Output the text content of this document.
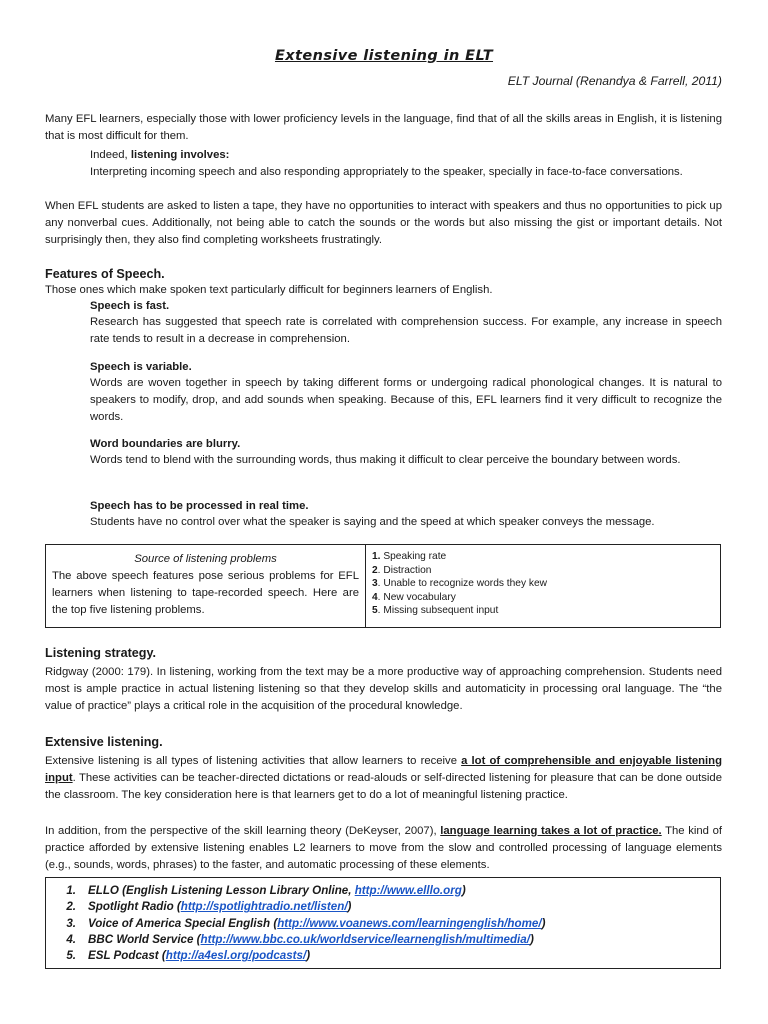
Extensive listening in ELT
ELT Journal (Renandya & Farrell, 2011)
Many EFL learners, especially those with lower proficiency levels in the language, find that of all the skills areas in English, it is listening that is most difficult for them.
Indeed, listening involves:
Interpreting incoming speech and also responding appropriately to the speaker, specially in face-to-face conversations.
When EFL students are asked to listen a tape, they have no opportunities to interact with speakers and thus no opportunities to pick up any nonverbal cues. Additionally, not being able to catch the sounds or the words but also missing the gist or important details. Not surprisingly then, they also find completing worksheets frustratingly.
Features of Speech.
Those ones which make spoken text particularly difficult for beginners learners of English.
Speech is fast.
Research has suggested that speech rate is correlated with comprehension success. For example, any increase in speech rate tends to result in a decrease in comprehension.
Speech is variable.
Words are woven together in speech by taking different forms or undergoing radical phonological changes. It is natural to speakers to modify, drop, and add sounds when speaking. Because of this, EFL learners find it very difficult to recognize the words.
Word boundaries are blurry.
Words tend to blend with the surrounding words, thus making it difficult to clear perceive the boundary between words.
Speech has to be processed in real time.
Students have no control over what the speaker is saying and the speed at which speaker conveys the message.
Source of listening problems
The above speech features pose serious problems for EFL learners when listening to tape-recorded speech. Here are the top five listening problems.
1. Speaking rate
2. Distraction
3. Unable to recognize words they kew
4. New vocabulary
5. Missing subsequent input
Listening strategy.
Ridgway (2000: 179). In listening, working from the text may be a more productive way of approaching comprehension. Students need most is ample practice in actual listening listening so that they develop skills and automaticity in processing oral language. The “the value of practice” plays a critical role in the acquisition of the procedural knowledge.
Extensive listening.
Extensive listening is all types of listening activities that allow learners to receive a lot of comprehensible and enjoyable listening input. These activities can be teacher-directed dictations or read-alouds or self-directed listening for pleasure that can be done outside the classroom. The key consideration here is that learners get to do a lot of meaningful listening practice.
In addition, from the perspective of the skill learning theory (DeKeyser, 2007), language learning takes a lot of practice. The kind of practice afforded by extensive listening enables L2 learners to move from the slow and controlled processing of language elements (e.g., sounds, words, phrases) to the faster, and automatic processing of these elements.
1.	ELLO (English Listening Lesson Library Online, http://www.elllo.org)
2.	Spotlight Radio (http://spotlightradio.net/listen/)
3.	Voice of America Special English (http://www.voanews.com/learningenglish/home/)
4.	BBC World Service (http://www.bbc.co.uk/worldservice/learnenglish/multimedia/)
5.	ESL Podcast (http://a4esl.org/podcasts/)
